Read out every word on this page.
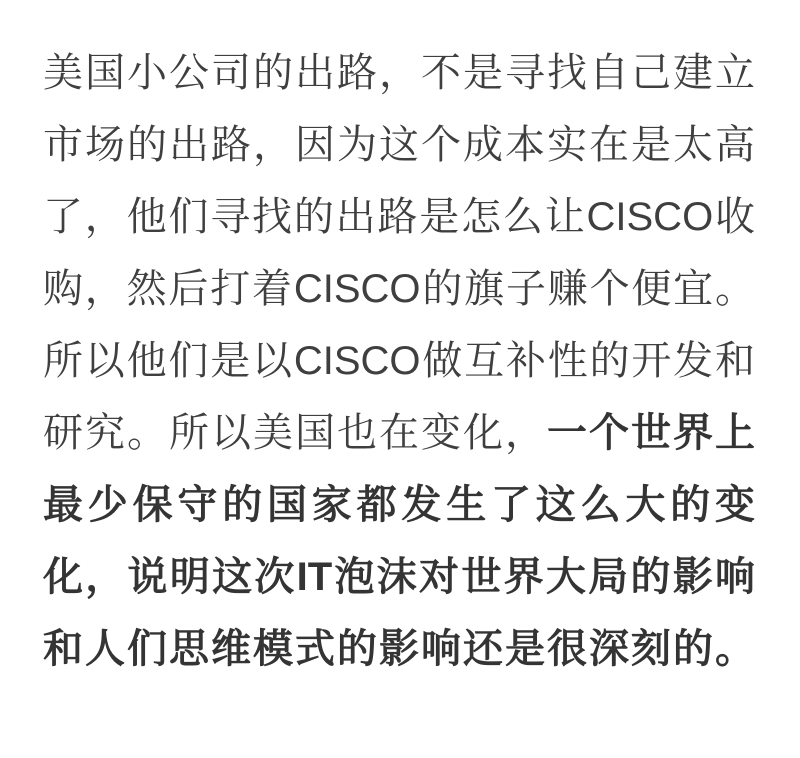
美国小公司的出路，不是寻找自己建立
市场的出路，因为这个成本实在是太高
了，他们寻找的出路是怎么让CISCO收
购，然后打着CISCO的旗子赚个便宜。
所以他们是以CISCO做互补性的开发和
研究。所以美国也在变化，一个世界上
最少保守的国家都发生了这么大的变
化，说明这次IT泡沫对世界大局的影响
和人们思维模式的影响还是很深刻的。
